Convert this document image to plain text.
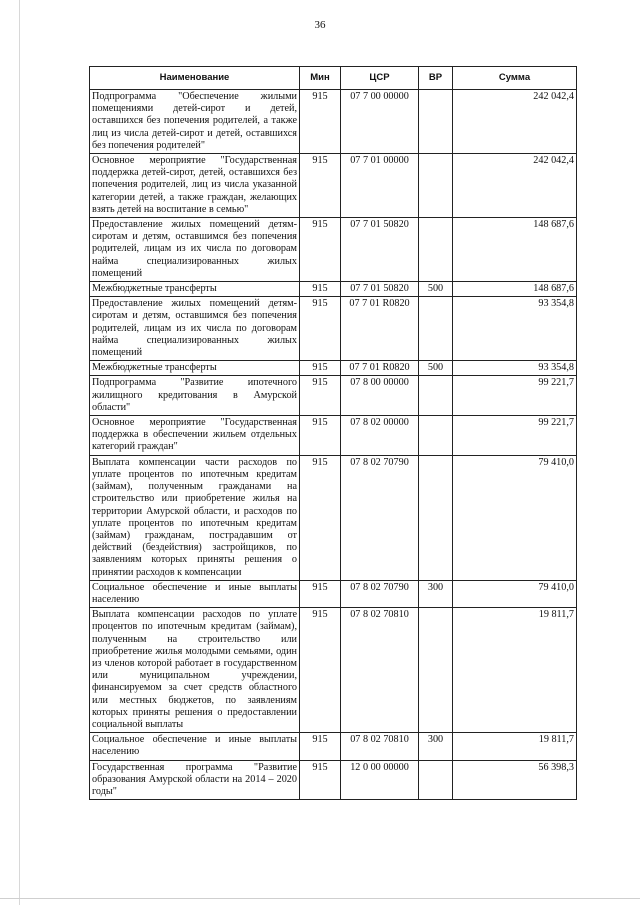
36
Наименование	Мин	ЦСР	ВР	Сумма
Подпрограмма "Обеспечение жилыми помещениями детей-сирот и детей, оставшихся без попечения родителей, а также лиц из числа детей-сирот и детей, оставшихся без попечения родителей"	915	07 7 00 00000		242 042,4
Основное мероприятие "Государственная поддержка детей-сирот, детей, оставшихся без попечения родителей, лиц из числа указанной категории детей, а также граждан, желающих взять детей на воспитание в семью"	915	07 7 01 00000		242 042,4
Предоставление жилых помещений детям-сиротам и детям, оставшимся без попечения родителей, лицам из их числа по договорам найма специализированных жилых помещений	915	07 7 01 50820		148 687,6
Межбюджетные трансферты	915	07 7 01 50820	500	148 687,6
Предоставление жилых помещений детям-сиротам и детям, оставшимся без попечения родителей, лицам из их числа по договорам найма специализированных жилых помещений	915	07 7 01 R0820		93 354,8
Межбюджетные трансферты	915	07 7 01 R0820	500	93 354,8
Подпрограмма "Развитие ипотечного жилищного кредитования в Амурской области"	915	07 8 00 00000		99 221,7
Основное мероприятие "Государственная поддержка в обеспечении жильем отдельных категорий граждан"	915	07 8 02 00000		99 221,7
Выплата компенсации части расходов по уплате процентов по ипотечным кредитам (займам), полученным гражданами на строительство или приобретение жилья на территории Амурской области, и расходов по уплате процентов по ипотечным кредитам (займам) гражданам, пострадавшим от действий (бездействия) застройщиков, по заявлениям которых приняты решения о принятии расходов к компенсации	915	07 8 02 70790		79 410,0
Социальное обеспечение и иные выплаты населению	915	07 8 02 70790	300	79 410,0
Выплата компенсации расходов по уплате процентов по ипотечным кредитам (займам), полученным на строительство или приобретение жилья молодыми семьями, один из членов которой работает в государственном или муниципальном учреждении, финансируемом за счет средств областного или местных бюджетов, по заявлениям которых приняты решения о предоставлении социальной выплаты	915	07 8 02 70810		19 811,7
Социальное обеспечение и иные выплаты населению	915	07 8 02 70810	300	19 811,7
Государственная программа "Развитие образования Амурской области на 2014 – 2020 годы"	915	12 0 00 00000		56 398,3
